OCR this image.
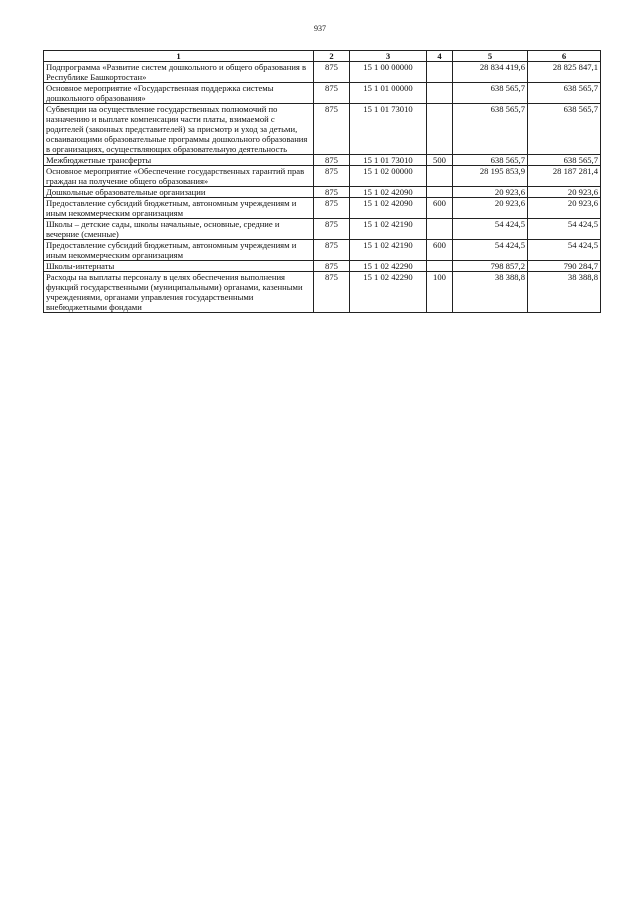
937
1	2	3	4	5	6
Подпрограмма «Развитие систем дошкольного и общего образования в Республике Башкортостан»	875	15 1 00 00000		28 834 419,6	28 825 847,1
Основное мероприятие «Государственная поддержка системы дошкольного образования»	875	15 1 01 00000		638 565,7	638 565,7
Субвенции на осуществление государственных полномочий по назначению и выплате компенсации части платы, взимаемой с родителей (законных представителей) за присмотр и уход за детьми, осваивающими образовательные программы дошкольного образования в организациях, осуществляющих образовательную деятельность	875	15 1 01 73010		638 565,7	638 565,7
Межбюджетные трансферты	875	15 1 01 73010	500	638 565,7	638 565,7
Основное мероприятие «Обеспечение государственных гарантий прав граждан на получение общего образования»	875	15 1 02 00000		28 195 853,9	28 187 281,4
Дошкольные образовательные организации	875	15 1 02 42090		20 923,6	20 923,6
Предоставление субсидий бюджетным, автономным учреждениям и иным некоммерческим организациям	875	15 1 02 42090	600	20 923,6	20 923,6
Школы – детские сады, школы начальные, основные, средние и вечерние (сменные)	875	15 1 02 42190		54 424,5	54 424,5
Предоставление субсидий бюджетным, автономным учреждениям и иным некоммерческим организациям	875	15 1 02 42190	600	54 424,5	54 424,5
Школы-интернаты	875	15 1 02 42290		798 857,2	790 284,7
Расходы на выплаты персоналу в целях обеспечения выполнения функций государственными (муниципальными) органами, казенными учреждениями, органами управления государственными внебюджетными фондами	875	15 1 02 42290	100	38 388,8	38 388,8
